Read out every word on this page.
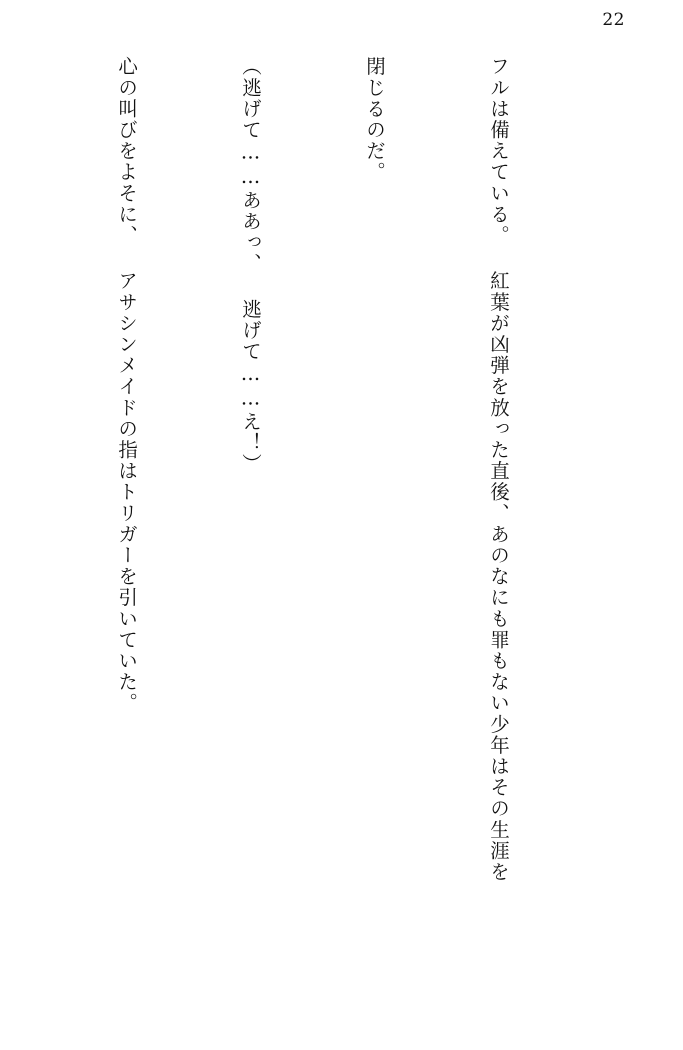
22

フルは備えている。 紅葉が凶弾を放った直後、あのなにも罪もない少年はその生涯を

閉じるのだ。

（逃げて……ああっ、 逃げて……え！）

心の叫びをよそに、 アサシンメイドの指はトリガーを引いていた。
